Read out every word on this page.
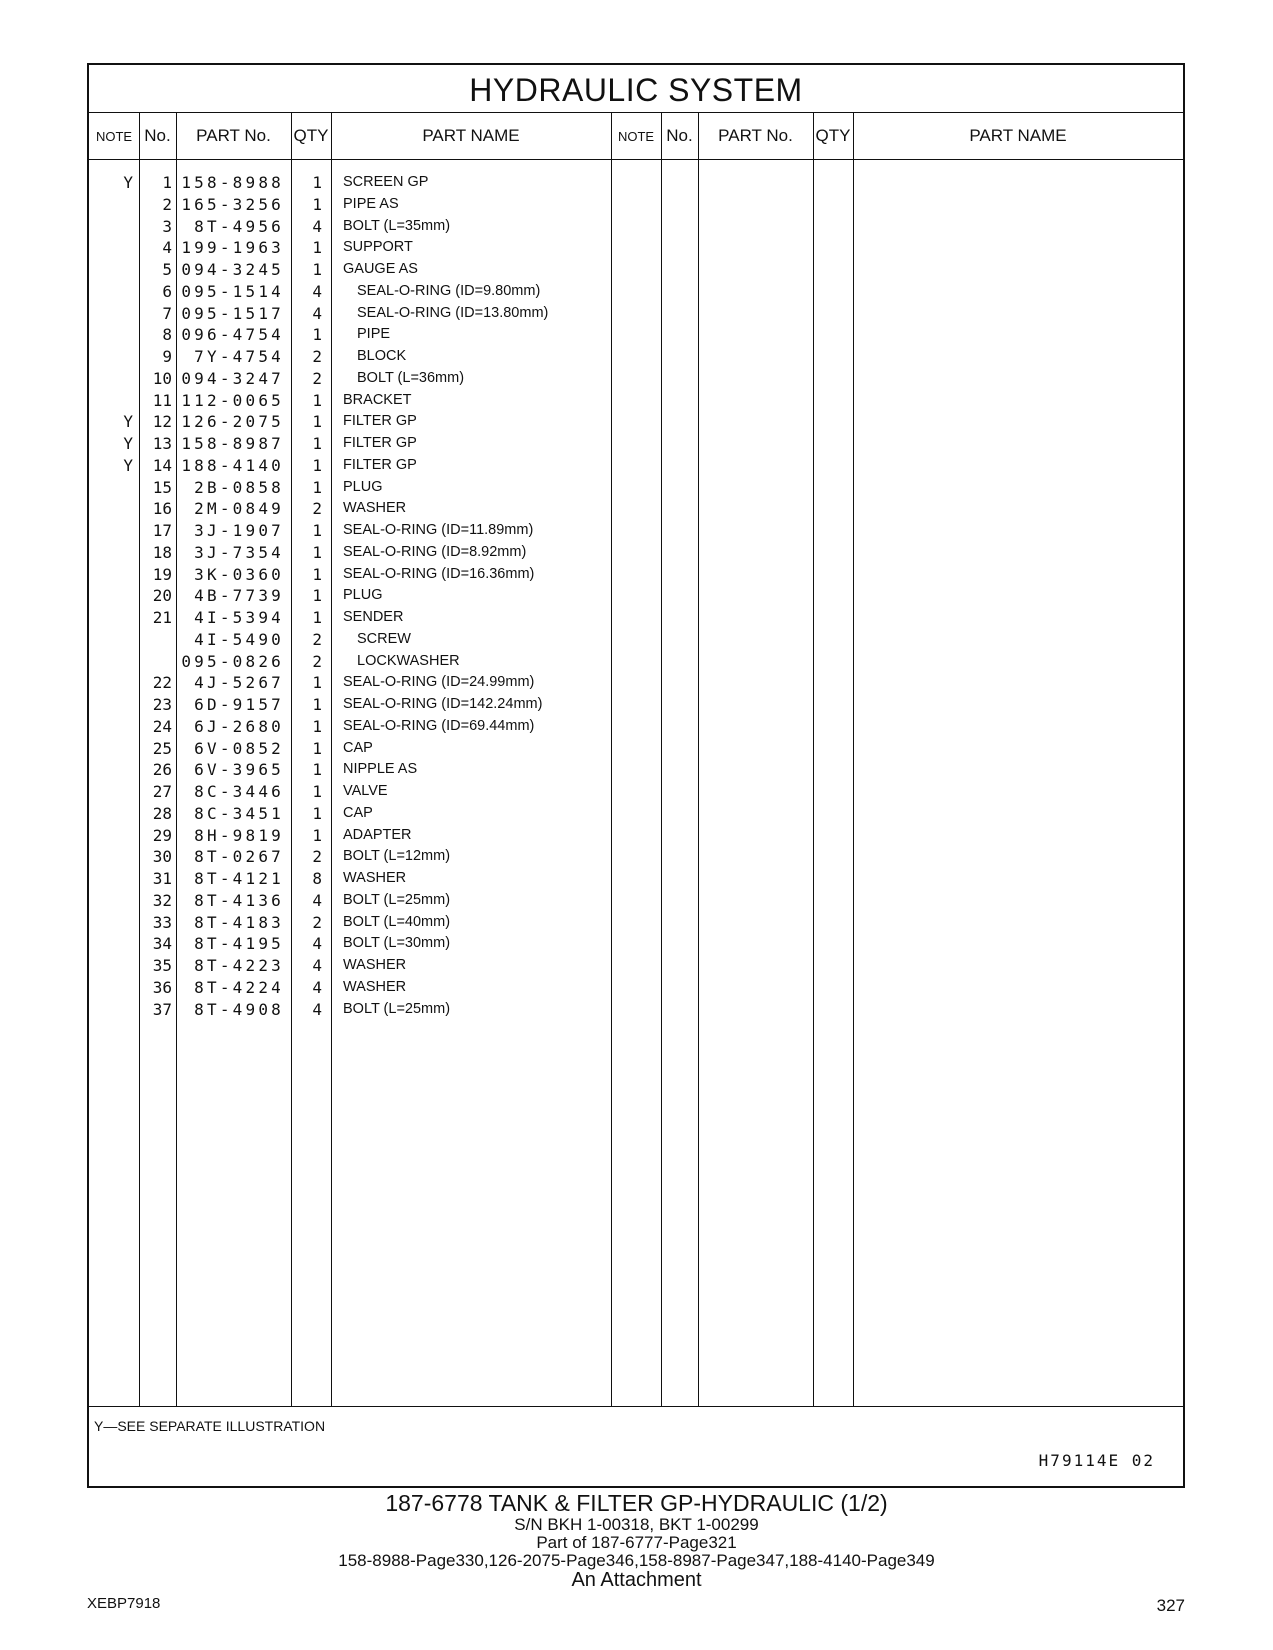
HYDRAULIC SYSTEM
NOTE No.	PART No.	QTY	PART NAME	NOTE No.	PART No.	QTY	PART NAME
Y	1 158-8988	1 SCREEN GP
2 165-3256	1 PIPE AS
3	8T-4956	4 BOLT (L=35mm)
4 199-1963	1 SUPPORT
5 094-3245	1 GAUGE AS
6 095-1514	4 SEAL-O-RING (ID=9.80mm)
7 095-1517	4 SEAL-O-RING (ID=13.80mm)
8 096-4754	1 PIPE
9	7Y-4754	2 BLOCK
10 094-3247	2 BOLT (L=36mm)
11 112-0065	1 BRACKET
Y	12 126-2075	1 FILTER GP
Y	13 158-8987	1 FILTER GP
Y	14 188-4140	1 FILTER GP
15	2B-0858	1 PLUG
16	2M-0849	2 WASHER
17	3J-1907	1 SEAL-O-RING (ID=11.89mm)
18	3J-7354	1 SEAL-O-RING (ID=8.92mm)
19	3K-0360	1 SEAL-O-RING (ID=16.36mm)
20	4B-7739	1 PLUG
21	4I-5394	1 SENDER
4I-5490	2 SCREW
095-0826	2 LOCKWASHER
22	4J-5267	1 SEAL-O-RING (ID=24.99mm)
23	6D-9157	1 SEAL-O-RING (ID=142.24mm)
24	6J-2680	1 SEAL-O-RING (ID=69.44mm)
25	6V-0852	1 CAP
26	6V-3965	1 NIPPLE AS
27	8C-3446	1 VALVE
28	8C-3451	1 CAP
29	8H-9819	1 ADAPTER
30	8T-0267	2 BOLT (L=12mm)
31	8T-4121	8 WASHER
32	8T-4136	4 BOLT (L=25mm)
33	8T-4183	2 BOLT (L=40mm)
34	8T-4195	4 BOLT (L=30mm)
35	8T-4223	4 WASHER
36	8T-4224	4 WASHER
37	8T-4908	4 BOLT (L=25mm)
Y—SEE SEPARATE ILLUSTRATION
H79114E 02
187-6778 TANK & FILTER GP-HYDRAULIC (1/2)
S/N BKH 1-00318, BKT 1-00299
Part of 187-6777-Page321
158-8988-Page330,126-2075-Page346,158-8987-Page347,188-4140-Page349
An Attachment
XEBP7918	327
